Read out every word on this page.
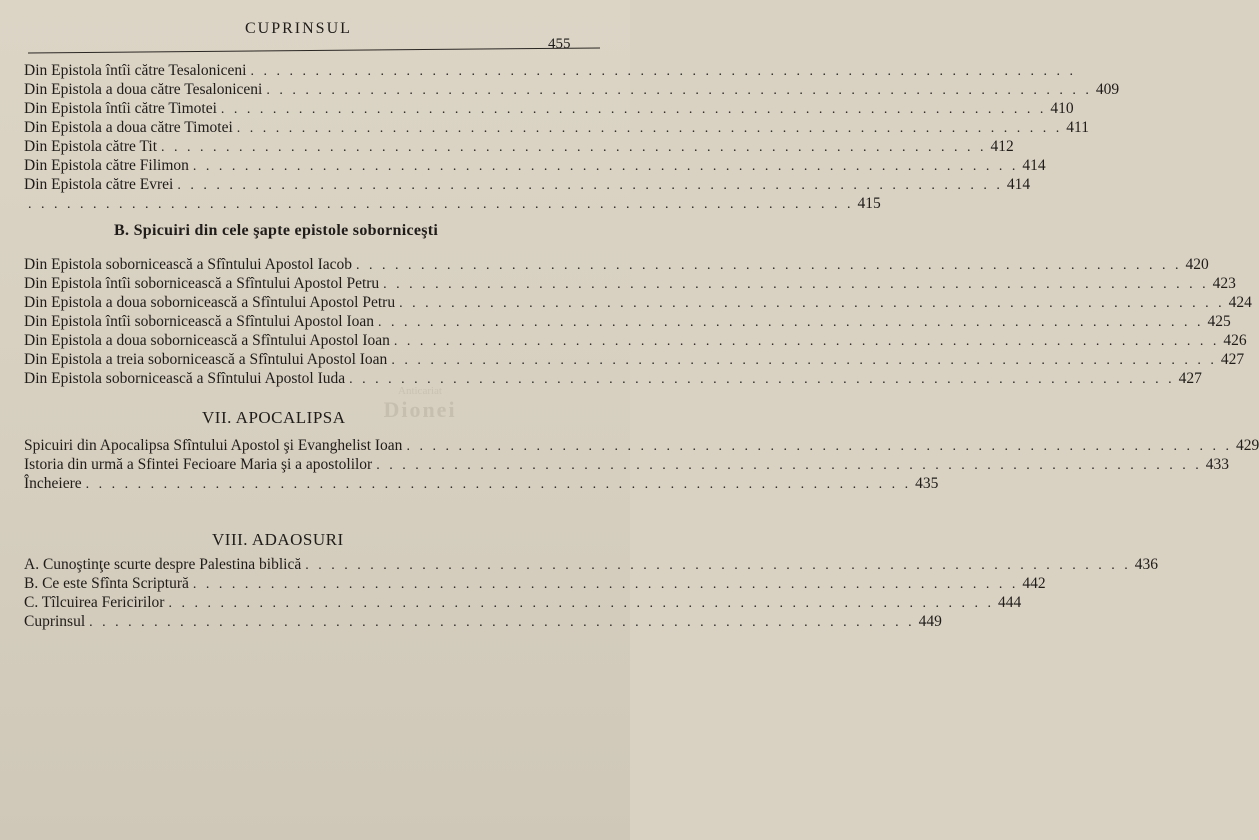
CUPRINSUL
455
Din Epistola întîi către Tesaloniceni . . . . . . . . . . . . . . . . . . . . . . . . . . . . . . . . . . . . . . . . . . . . . . . . . . . . . . . . . . . . . . . .
Din Epistola a doua către Tesaloniceni . . . . . . . . . . . . . . . . . . . . . . . . . . . . . . . . . . . . . . . . . . . . . . . . . . . . . . . . . . . . . . . . 409
Din Epistola întîi către Timotei . . . . . . . . . . . . . . . . . . . . . . . . . . . . . . . . . . . . . . . . . . . . . . . . . . . . . . . . . . . . . . . . 410
Din Epistola a doua către Timotei . . . . . . . . . . . . . . . . . . . . . . . . . . . . . . . . . . . . . . . . . . . . . . . . . . . . . . . . . . . . . . . . 411
Din Epistola către Tit . . . . . . . . . . . . . . . . . . . . . . . . . . . . . . . . . . . . . . . . . . . . . . . . . . . . . . . . . . . . . . . . 412
Din Epistola către Filimon . . . . . . . . . . . . . . . . . . . . . . . . . . . . . . . . . . . . . . . . . . . . . . . . . . . . . . . . . . . . . . . . 414
Din Epistola către Evrei . . . . . . . . . . . . . . . . . . . . . . . . . . . . . . . . . . . . . . . . . . . . . . . . . . . . . . . . . . . . . . . . 414
. . . . . . . . . . . . . . . . . . . . . . . . . . . . . . . . . . . . . . . . . . . . . . . . . . . . . . . . . . . . . . . . 415
B. Spicuiri din cele şapte epistole soborniceşti
Din Epistola sobornicească a Sfîntului Apostol Iacob . . . . . . . . . . . . . . . . . . . . . . . . . . . . . . . . . . . . . . . . . . . . . . . . . . . . . . . . . . . . . . . . 420
Din Epistola întîi sobornicească a Sfîntului Apostol Petru . . . . . . . . . . . . . . . . . . . . . . . . . . . . . . . . . . . . . . . . . . . . . . . . . . . . . . . . . . . . . . . . 423
Din Epistola a doua sobornicească a Sfîntului Apostol Petru . . . . . . . . . . . . . . . . . . . . . . . . . . . . . . . . . . . . . . . . . . . . . . . . . . . . . . . . . . . . . . . . 424
Din Epistola întîi sobornicească a Sfîntului Apostol Ioan . . . . . . . . . . . . . . . . . . . . . . . . . . . . . . . . . . . . . . . . . . . . . . . . . . . . . . . . . . . . . . . . 425
Din Epistola a doua sobornicească a Sfîntului Apostol Ioan . . . . . . . . . . . . . . . . . . . . . . . . . . . . . . . . . . . . . . . . . . . . . . . . . . . . . . . . . . . . . . . . 426
Din Epistola a treia sobornicească a Sfîntului Apostol Ioan . . . . . . . . . . . . . . . . . . . . . . . . . . . . . . . . . . . . . . . . . . . . . . . . . . . . . . . . . . . . . . . . 427
Din Epistola sobornicească a Sfîntului Apostol Iuda . . . . . . . . . . . . . . . . . . . . . . . . . . . . . . . . . . . . . . . . . . . . . . . . . . . . . . . . . . . . . . . . 427
VII. APOCALIPSA
Spicuiri din Apocalipsa Sfîntului Apostol şi Evanghelist Ioan . . . . . . . . . . . . . . . . . . . . . . . . . . . . . . . . . . . . . . . . . . . . . . . . . . . . . . . . . . . . . . . . 429
Istoria din urmă a Sfintei Fecioare Maria şi a apostolilor . . . . . . . . . . . . . . . . . . . . . . . . . . . . . . . . . . . . . . . . . . . . . . . . . . . . . . . . . . . . . . . . 433
Încheiere . . . . . . . . . . . . . . . . . . . . . . . . . . . . . . . . . . . . . . . . . . . . . . . . . . . . . . . . . . . . . . . . 435
VIII. ADAOSURI
A. Cunoştinţe scurte despre Palestina biblică . . . . . . . . . . . . . . . . . . . . . . . . . . . . . . . . . . . . . . . . . . . . . . . . . . . . . . . . . . . . . . . . 436
B. Ce este Sfînta Scriptură . . . . . . . . . . . . . . . . . . . . . . . . . . . . . . . . . . . . . . . . . . . . . . . . . . . . . . . . . . . . . . . . 442
C. Tîlcuirea Fericirilor . . . . . . . . . . . . . . . . . . . . . . . . . . . . . . . . . . . . . . . . . . . . . . . . . . . . . . . . . . . . . . . . 444
Cuprinsul . . . . . . . . . . . . . . . . . . . . . . . . . . . . . . . . . . . . . . . . . . . . . . . . . . . . . . . . . . . . . . . . 449
Anticariat
Dionei
